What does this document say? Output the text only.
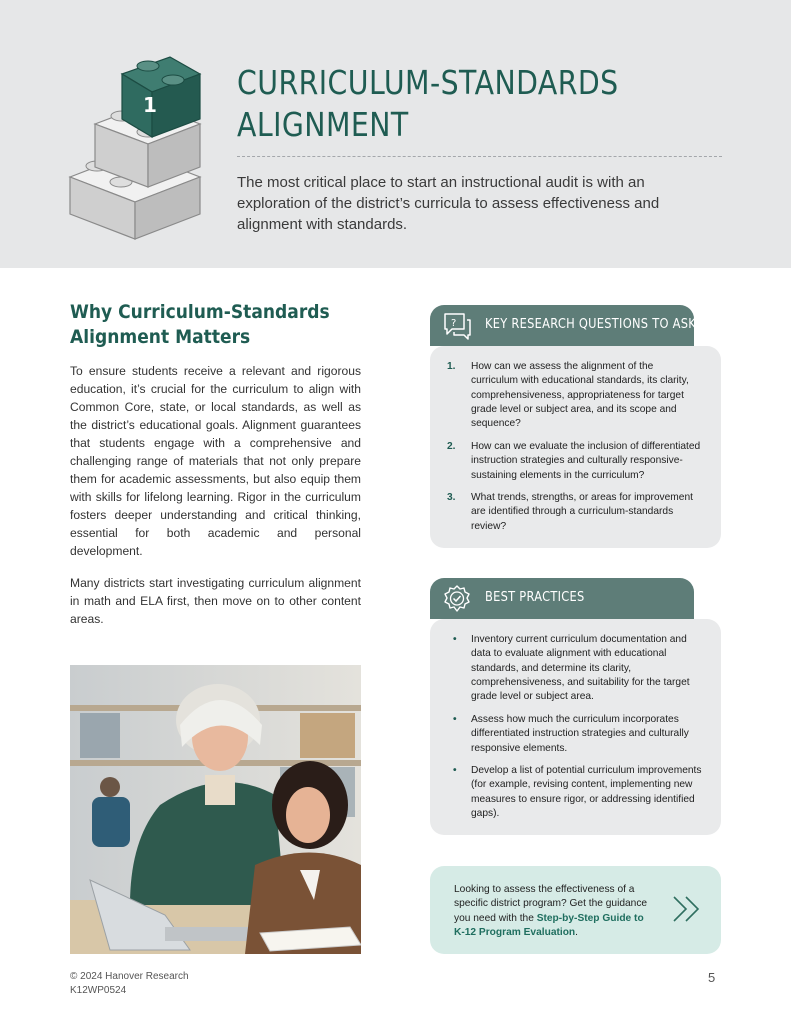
1
CURRICULUM-STANDARDS
ALIGNMENT

The most critical place to start an instructional audit is with an exploration of the district’s curricula to assess effectiveness and alignment with standards.

Why Curriculum-Standards
Alignment Matters

To ensure students receive a relevant and rigorous education, it’s crucial for the curriculum to align with Common Core, state, or local standards, as well as the district’s educational goals. Alignment guarantees that students engage with a comprehensive and challenging range of materials that not only prepare them for academic assessments, but also equip them with skills for lifelong learning. Rigor in the curriculum fosters deeper understanding and critical thinking, essential for both academic and personal development.

Many districts start investigating curriculum alignment in math and ELA first, then move on to other content areas.

1. How can we assess the alignment of the curriculum with educational standards, its clarity, comprehensiveness, appropriateness for target grade level or subject area, and its scope and sequence?
2. How can we evaluate the inclusion of differentiated instruction strategies and culturally responsive-sustaining elements in the curriculum?
3. What trends, strengths, or areas for improvement are identified through a curriculum-standards review?
? KEY RESEARCH QUESTIONS TO ASK
• Inventory current curriculum documentation and data to evaluate alignment with educational standards, and determine its clarity, comprehensiveness, and suitability for the target grade level or subject area.
• Assess how much the curriculum incorporates differentiated instruction strategies and culturally responsive elements.
• Develop a list of potential curriculum improvements (for example, revising content, implementing new measures to ensure rigor, or addressing identified gaps).
BEST PRACTICES

Looking to assess the effectiveness of a specific district program? Get the guidance you need with the Step-by-Step Guide to K-12 Program Evaluation.

© 2024 Hanover Research
K12WP0524
5
